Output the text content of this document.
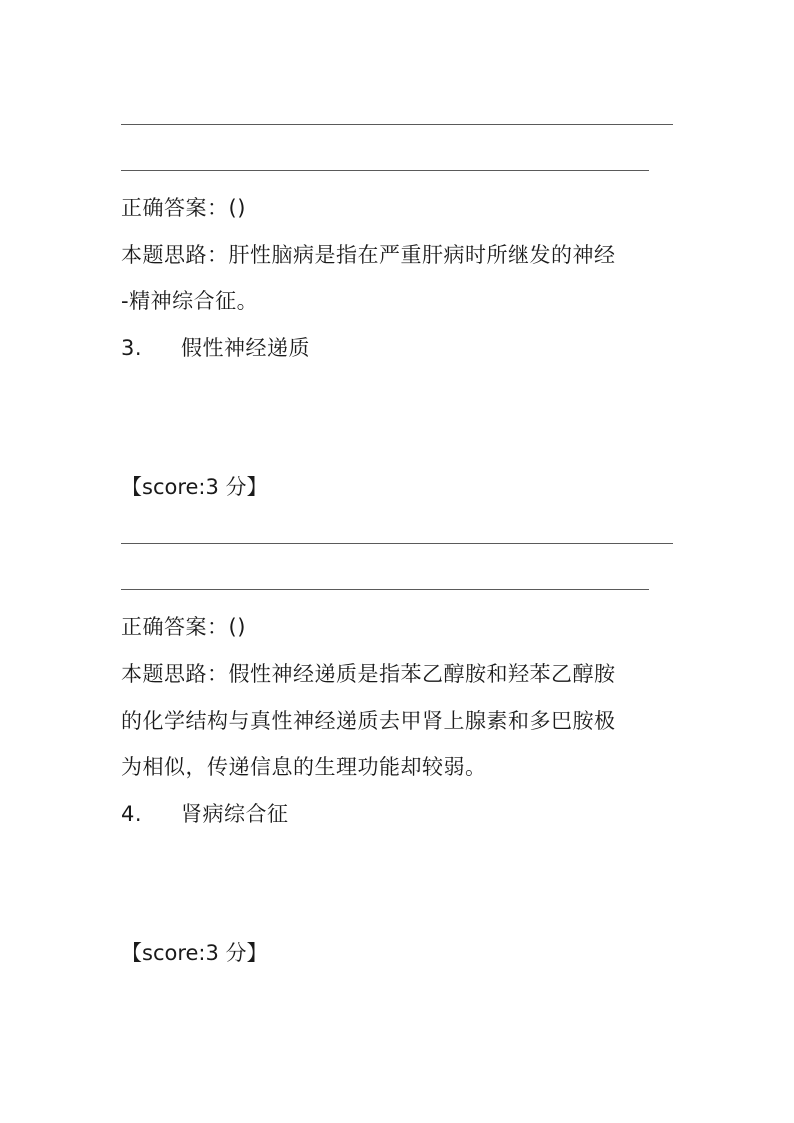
正确答案：()
本题思路：肝性脑病是指在严重肝病时所继发的神经
-精神综合征。
3. 假性神经递质
【score:3 分】
正确答案：()
本题思路：假性神经递质是指苯乙醇胺和羟苯乙醇胺
的化学结构与真性神经递质去甲肾上腺素和多巴胺极
为相似，传递信息的生理功能却较弱。
4. 肾病综合征
【score:3 分】
